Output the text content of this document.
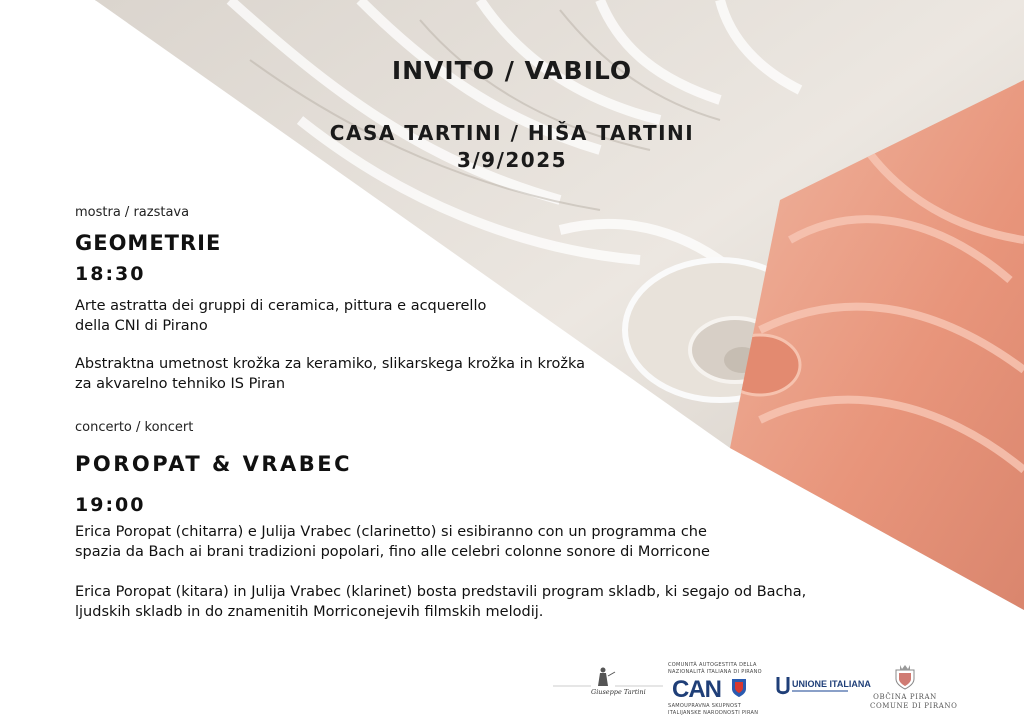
INVITO / VABILO
CASA TARTINI / HIŠA TARTINI
3/9/2025
mostra / razstava
GEOMETRIE
18:30
Arte astratta dei gruppi di ceramica, pittura e acquerello
della CNI di Pirano
Abstraktna umetnost krožka za keramiko, slikarskega krožka in krožka
za akvarelno tehniko IS Piran
concerto / koncert
POROPAT & VRABEC
19:00
Erica Poropat (chitarra) e Julija Vrabec (clarinetto) si esibiranno con un programma che
spazia da Bach ai brani tradizioni popolari, fino alle celebri colonne sonore di Morricone
Erica Poropat (kitara) in Julija Vrabec (klarinet) bosta predstavili program skladb, ki segajo od Bacha,
ljudskih skladb in do znamenitih Morriconejevih filmskih melodij.
Giuseppe Tartini
COMUNITÀ AUTOGESTITA DELLA
NAZIONALITÀ ITALIANA DI PIRANO
CAN
SAMOUPRAVNA SKUPNOST
ITALIJANSKE NARODNOSTI PIRAN
UNIONE ITALIANA
OBČINA PIRAN
COMUNE DI PIRANO
